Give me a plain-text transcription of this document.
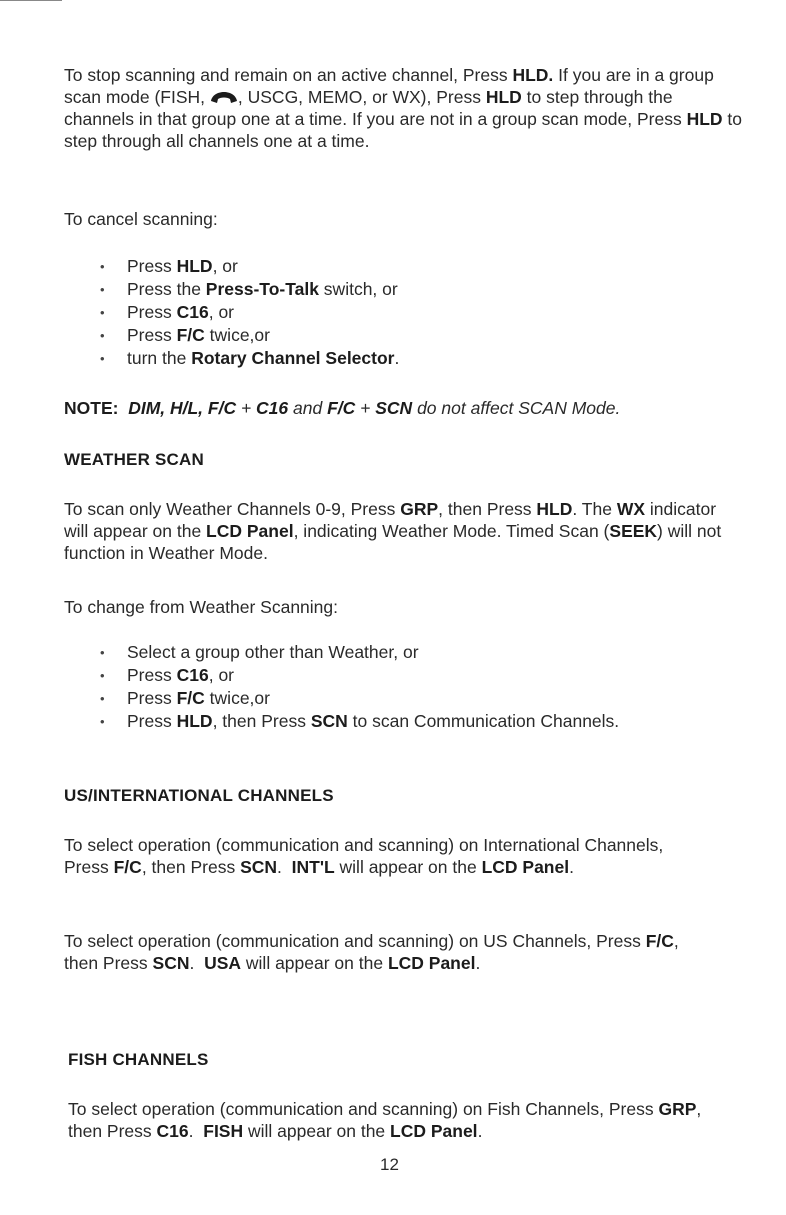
To stop scanning and remain on an active channel, Press HLD. If you are in a group scan mode (FISH, , USCG, MEMO, or WX), Press HLD to step through the channels in that group one at a time. If you are not in a group scan mode, Press HLD to step through all channels one at a time.

To cancel scanning:

• Press HLD, or
• Press the Press-To-Talk switch, or
• Press C16, or
• Press F/C twice,or
• turn the Rotary Channel Selector.

NOTE: DIM, H/L, F/C + C16 and F/C + SCN do not affect SCAN Mode.

WEATHER SCAN

To scan only Weather Channels 0-9, Press GRP, then Press HLD. The WX indicator will appear on the LCD Panel, indicating Weather Mode. Timed Scan (SEEK) will not function in Weather Mode.

To change from Weather Scanning:

• Select a group other than Weather, or
• Press C16, or
• Press F/C twice,or
• Press HLD, then Press SCN to scan Communication Channels.

US/INTERNATIONAL CHANNELS

To select operation (communication and scanning) on International Channels, Press F/C, then Press SCN.  INT'L will appear on the LCD Panel.

To select operation (communication and scanning) on US Channels, Press F/C, then Press SCN.  USA will appear on the LCD Panel.

FISH CHANNELS

To select operation (communication and scanning) on Fish Channels, Press GRP, then Press C16.  FISH will appear on the LCD Panel.

12
